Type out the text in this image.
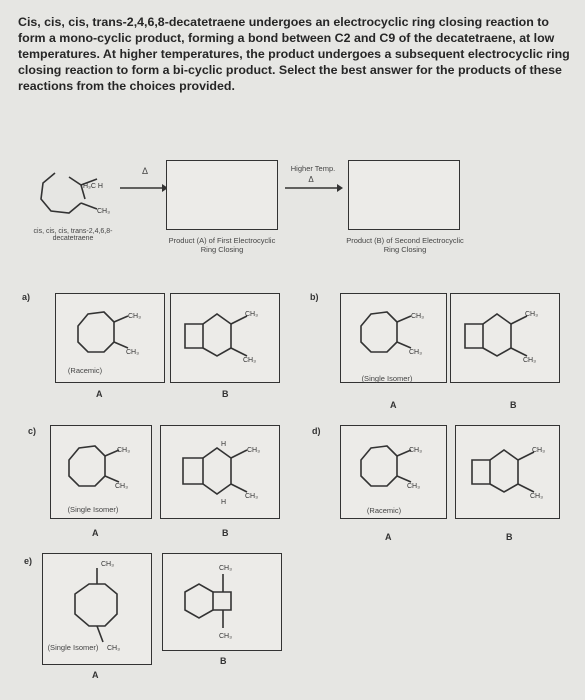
Cis, cis, cis, trans-2,4,6,8-decatetraene undergoes an electrocyclic ring closing reaction to form a mono-cyclic product, forming a bond between C2 and C9 of the decatetraene, at low temperatures. At higher temperatures, the product undergoes a subsequent electrocyclic ring closing reaction to form a bi-cyclic product. Select the best answer for the products of these reactions from the choices provided.
H₃C H
CH₃
cis, cis, cis, trans-2,4,6,8-decatetraene
Δ
Product (A) of First Electrocyclic Ring Closing
Higher Temp.
Δ
Product (B) of Second Electrocyclic Ring Closing
a)
CH₃
CH₃
CH₃
CH₃
(Racemic)
A	B
b)
CH₃
CH₃
CH₃
CH₃
(Single Isomer)
A	B
c)
CH₃
CH₃
H
H
CH₃
CH₃
(Single Isomer)
A	B
d)
CH₃
CH₃
CH₃
CH₃
(Racemic)
A	B
e)	CH₃
CH₃
CH₃
CH₃
(Single Isomer)
A
B
